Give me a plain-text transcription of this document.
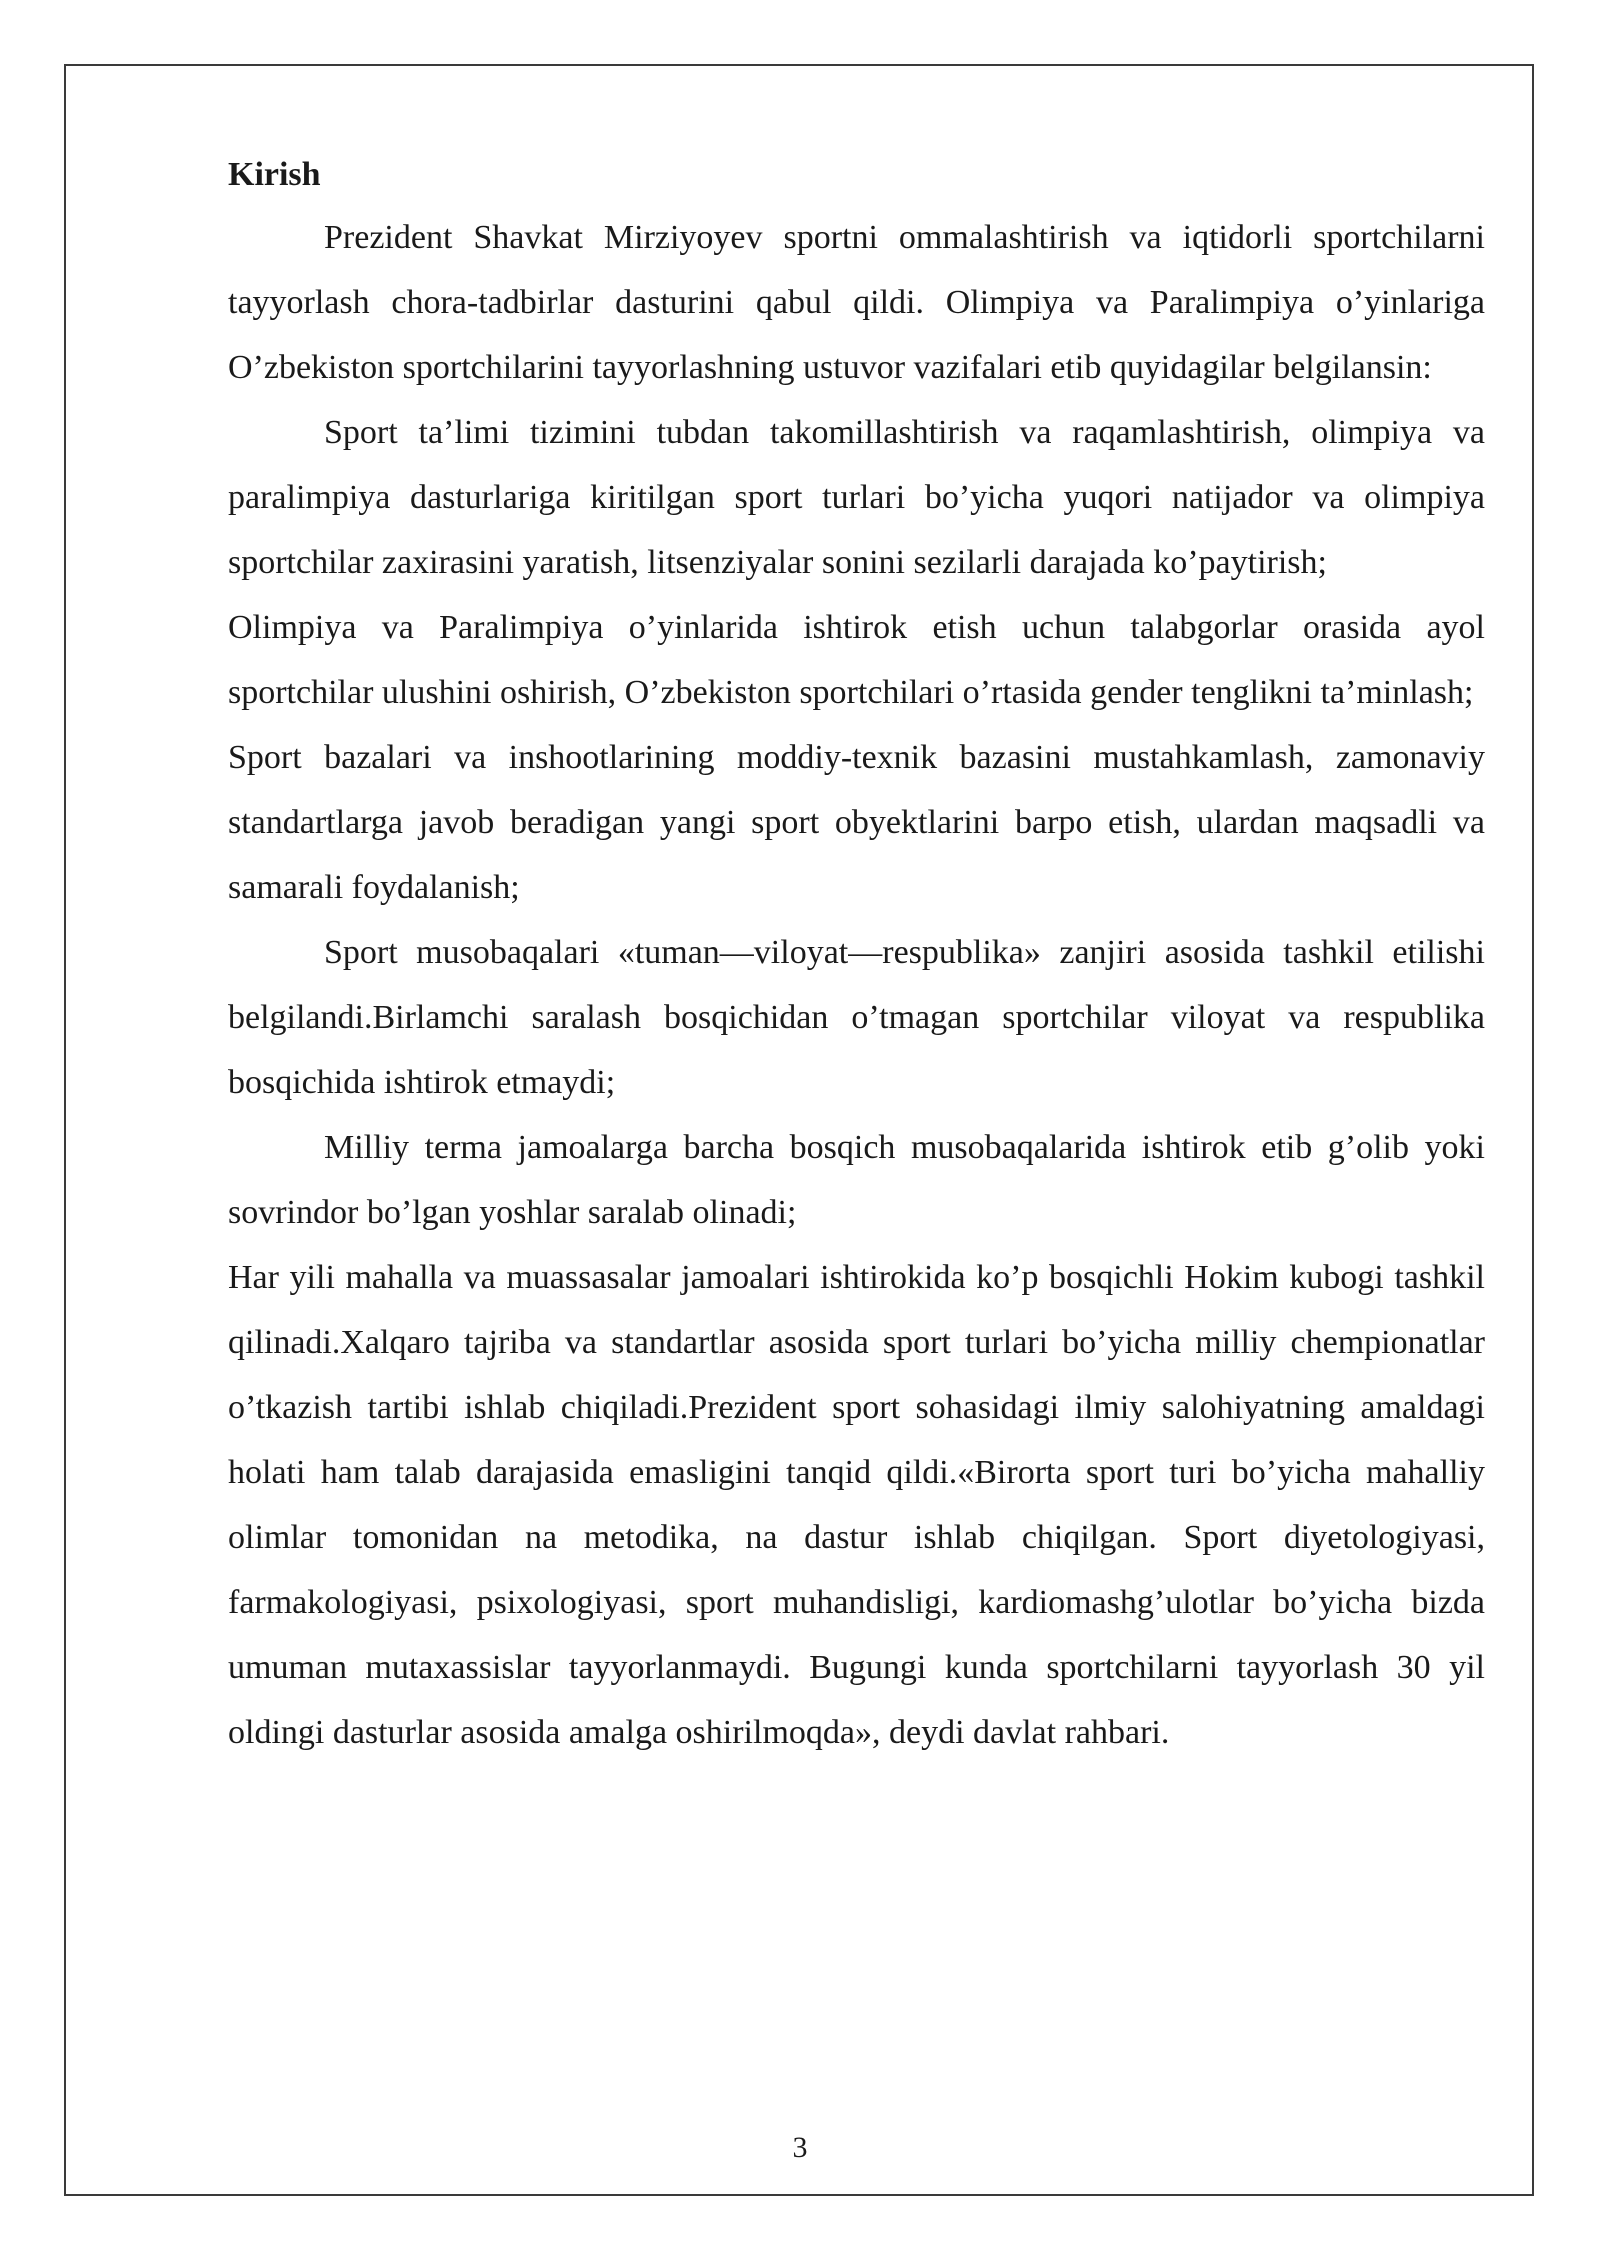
Kirish

Prezident Shavkat Mirziyoyev sportni ommalashtirish va iqtidorli sportchilarni tayyorlash chora-tadbirlar dasturini qabul qildi. Olimpiya va Paralimpiya o’yinlariga O’zbekiston sportchilarini tayyorlashning ustuvor vazifalari etib quyidagilar belgilansin:

Sport ta’limi tizimini tubdan takomillashtirish va raqamlashtirish, olimpiya va paralimpiya dasturlariga kiritilgan sport turlari bo’yicha yuqori natijador va olimpiya sportchilar zaxirasini yaratish, litsenziyalar sonini sezilarli darajada ko’paytirish;

Olimpiya va Paralimpiya o’yinlarida ishtirok etish uchun talabgorlar orasida ayol sportchilar ulushini oshirish, O’zbekiston sportchilari o’rtasida gender tenglikni ta’minlash;

Sport bazalari va inshootlarining moddiy-texnik bazasini mustahkamlash, zamonaviy standartlarga javob beradigan yangi sport obyektlarini barpo etish, ulardan maqsadli va samarali foydalanish;

Sport musobaqalari «tuman—viloyat—respublika» zanjiri asosida tashkil etilishi belgilandi.Birlamchi saralash bosqichidan o’tmagan sportchilar viloyat va respublika bosqichida ishtirok etmaydi;

Milliy terma jamoalarga barcha bosqich musobaqalarida ishtirok etib g’olib yoki sovrindor bo’lgan yoshlar saralab olinadi;

Har yili mahalla va muassasalar jamoalari ishtirokida ko’p bosqichli Hokim kubogi tashkil qilinadi.Xalqaro tajriba va standartlar asosida sport turlari bo’yicha milliy chempionatlar o’tkazish tartibi ishlab chiqiladi.Prezident sport sohasidagi ilmiy salohiyatning amaldagi holati ham talab darajasida emasligini tanqid qildi.«Birorta sport turi bo’yicha mahalliy olimlar tomonidan na metodika, na dastur ishlab chiqilgan. Sport diyetologiyasi, farmakologiyasi, psixologiyasi, sport muhandisligi, kardiomashg’ulotlar bo’yicha bizda umuman mutaxassislar tayyorlanmaydi. Bugungi kunda sportchilarni tayyorlash 30 yil oldingi dasturlar asosida amalga oshirilmoqda», deydi davlat rahbari.

3
